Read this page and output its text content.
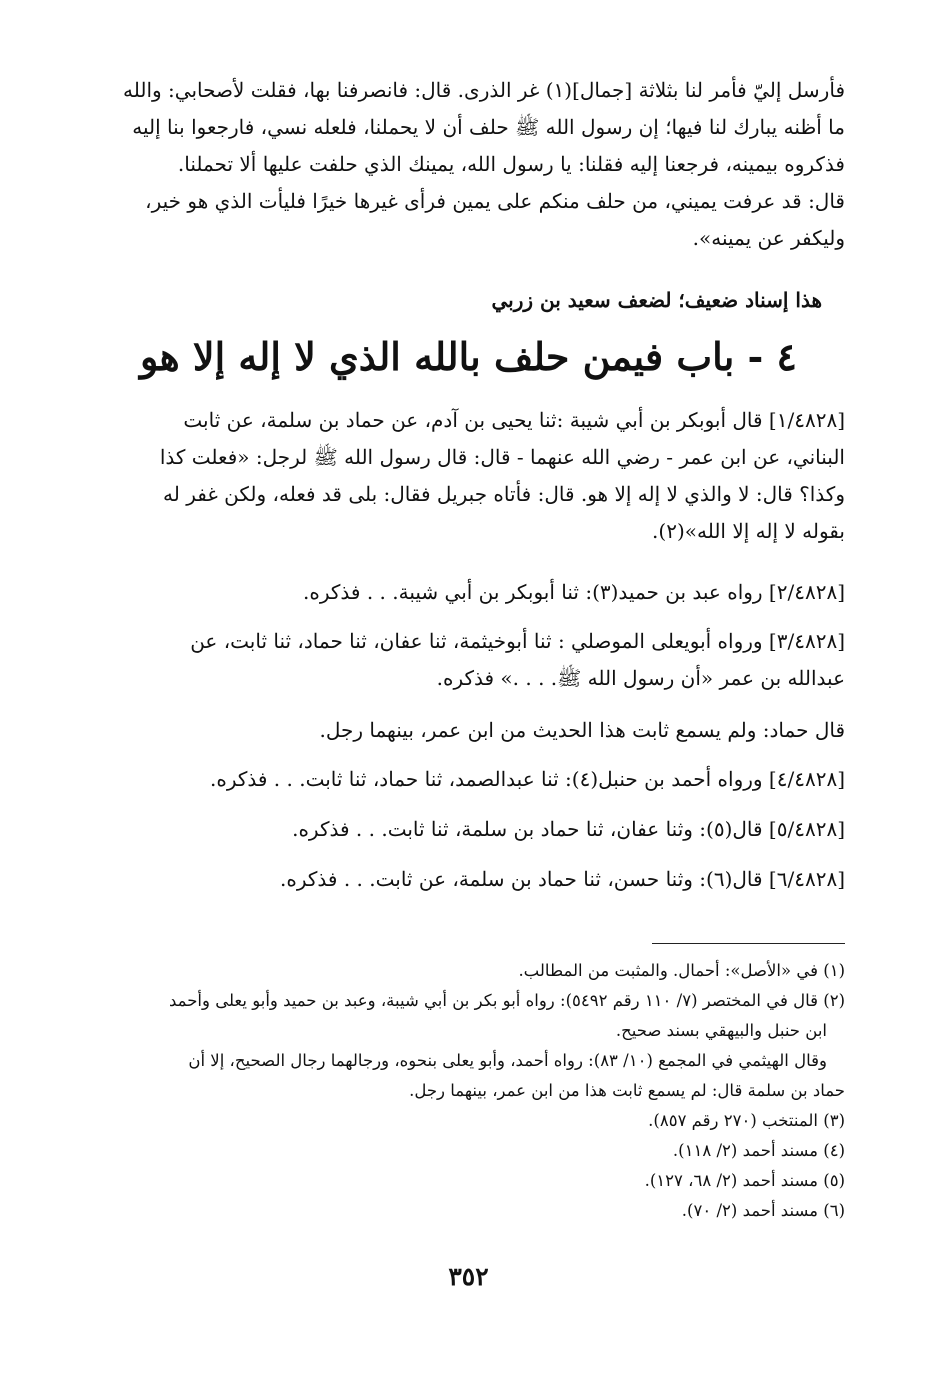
فأرسل إليّ فأمر لنا بثلاثة [جمال](١) غر الذرى. قال: فانصرفنا بها، فقلت لأصحابي: والله
ما أظنه يبارك لنا فيها؛ إن رسول الله ﷺ حلف أن لا يحملنا، فلعله نسي، فارجعوا بنا إليه
فذكروه بيمينه، فرجعنا إليه فقلنا: يا رسول الله، يمينك الذي حلفت عليها ألا تحملنا.
قال: قد عرفت يميني، من حلف منكم على يمين فرأى غيرها خيرًا فليأت الذي هو خير،
وليكفر عن يمينه».
هذا إسناد ضعيف؛ لضعف سعيد بن زربي
٤ - باب فيمن حلف بالله الذي لا إله إلا هو
[١/٤٨٢٨] قال أبوبكر بن أبي شيبة :ثنا يحيى بن آدم، عن حماد بن سلمة، عن ثابت
البناني، عن ابن عمر - رضي الله عنهما - قال: قال رسول الله ﷺ لرجل: «فعلت كذا
وكذا؟ قال: لا والذي لا إله إلا هو. قال: فأتاه جبريل فقال: بلى قد فعله، ولكن غفر له
بقوله لا إله إلا الله»(٢).
[٢/٤٨٢٨] رواه عبد بن حميد(٣): ثنا أبوبكر بن أبي شيبة. . . فذكره.
[٣/٤٨٢٨] ورواه أبويعلى الموصلي : ثنا أبوخيثمة، ثنا عفان، ثنا حماد، ثنا ثابت، عن
عبدالله بن عمر «أن رسول الله ﷺ. . . .» فذكره.
قال حماد: ولم يسمع ثابت هذا الحديث من ابن عمر، بينهما رجل.
[٤/٤٨٢٨] ورواه أحمد بن حنبل(٤): ثنا عبدالصمد، ثنا حماد، ثنا ثابت. . . فذكره.
[٥/٤٨٢٨] قال(٥): وثنا عفان، ثنا حماد بن سلمة، ثنا ثابت. . . فذكره.
[٦/٤٨٢٨] قال(٦): وثنا حسن، ثنا حماد بن سلمة، عن ثابت. . . فذكره.
(١) في «الأصل»: أحمال. والمثبت من المطالب.
(٢) قال في المختصر (٧/ ١١٠ رقم ٥٤٩٢): رواه أبو بكر بن أبي شيبة، وعبد بن حميد وأبو يعلى وأحمد
ابن حنبل والبيهقي بسند صحيح.
وقال الهيثمي في المجمع (١٠/ ٨٣): رواه أحمد، وأبو يعلى بنحوه، ورجالهما رجال الصحيح، إلا أن
حماد بن سلمة قال: لم يسمع ثابت هذا من ابن عمر، بينهما رجل.
(٣) المنتخب (٢٧٠ رقم ٨٥٧).
(٤) مسند أحمد (٢/ ١١٨).
(٥) مسند أحمد (٢/ ٦٨، ١٢٧).
(٦) مسند أحمد (٢/ ٧٠).
٣٥٢
